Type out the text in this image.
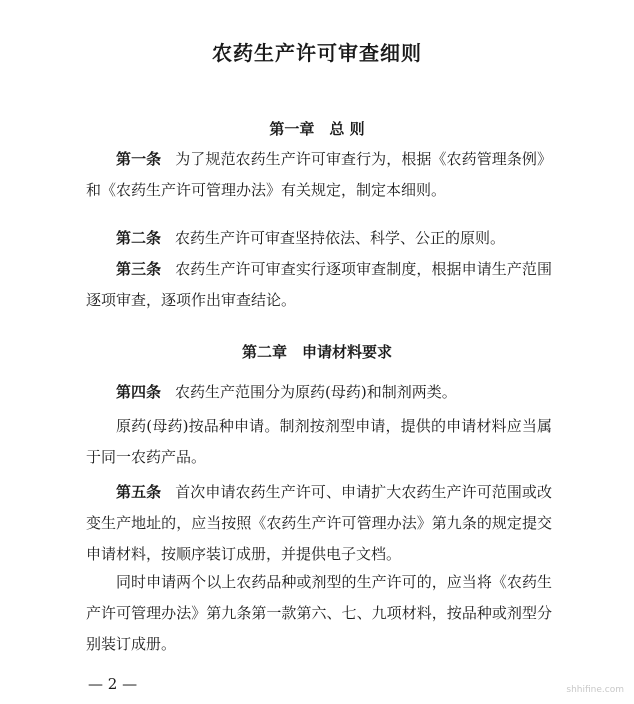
农药生产许可审查细则
第一章　总 则

第一条 为了规范农药生产许可审查行为，根据《农药管理条例》和《农药生产许可管理办法》有关规定，制定本细则。

第二条 农药生产许可审查坚持依法、科学、公正的原则。

第三条 农药生产许可审查实行逐项审查制度，根据申请生产范围逐项审查，逐项作出审查结论。

第二章　申请材料要求

第四条 农药生产范围分为原药(母药)和制剂两类。

原药(母药)按品种申请。制剂按剂型申请，提供的申请材料应当属于同一农药产品。

第五条 首次申请农药生产许可、申请扩大农药生产许可范围或改变生产地址的，应当按照《农药生产许可管理办法》第九条的规定提交申请材料，按顺序装订成册，并提供电子文档。

同时申请两个以上农药品种或剂型的生产许可的，应当将《农药生产许可管理办法》第九条第一款第六、七、九项材料，按品种或剂型分别装订成册。

— 2 —	shhifine.com
